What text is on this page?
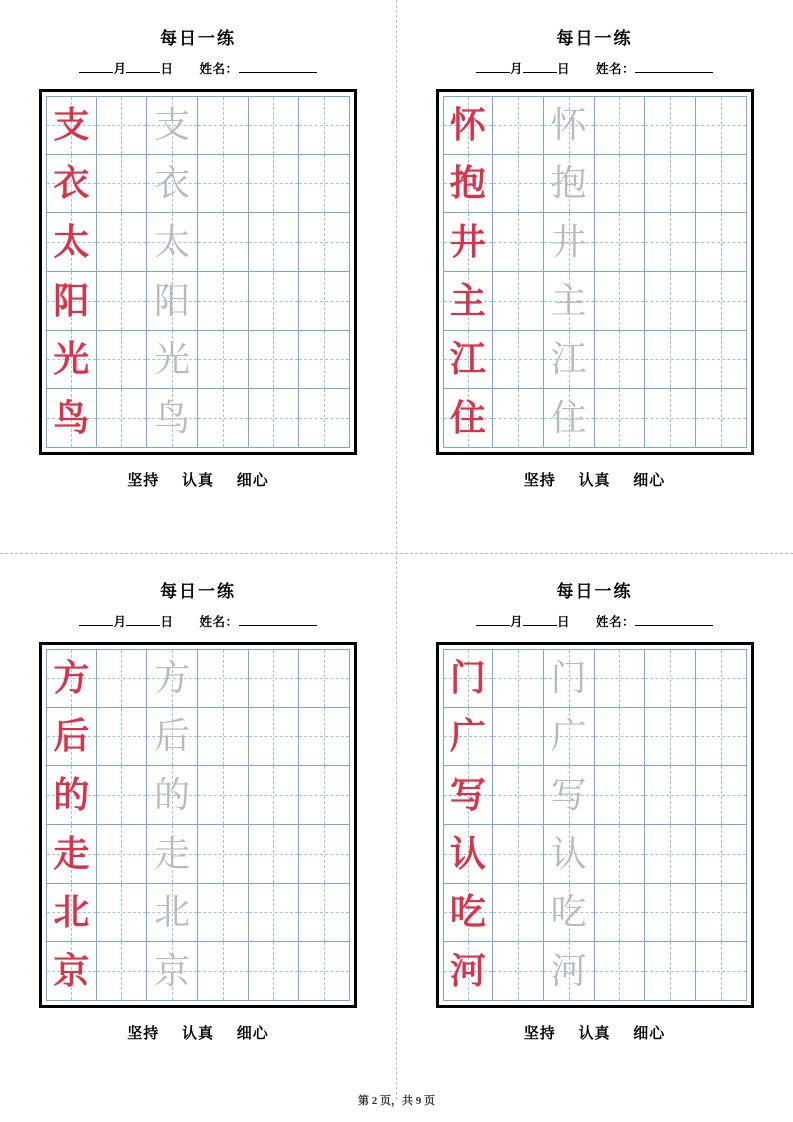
每日一练
月	日 姓名：
支 支
衣 衣
太 太
阳 阳
光 光
鸟 鸟
坚持 认真 细心
每日一练
月	日 姓名：
怀 怀
抱 抱
井 井
主 主
江 江
住 住
坚持 认真 细心
每日一练
月	日 姓名：
方 方
后 后
的 的
走 走
北 北
京 京
坚持 认真 细心
每日一练
月	日 姓名：
门 门
广 广
写 写
认 认
吃 吃
河 河
坚持 认真 细心
第 2 页，共 9 页
